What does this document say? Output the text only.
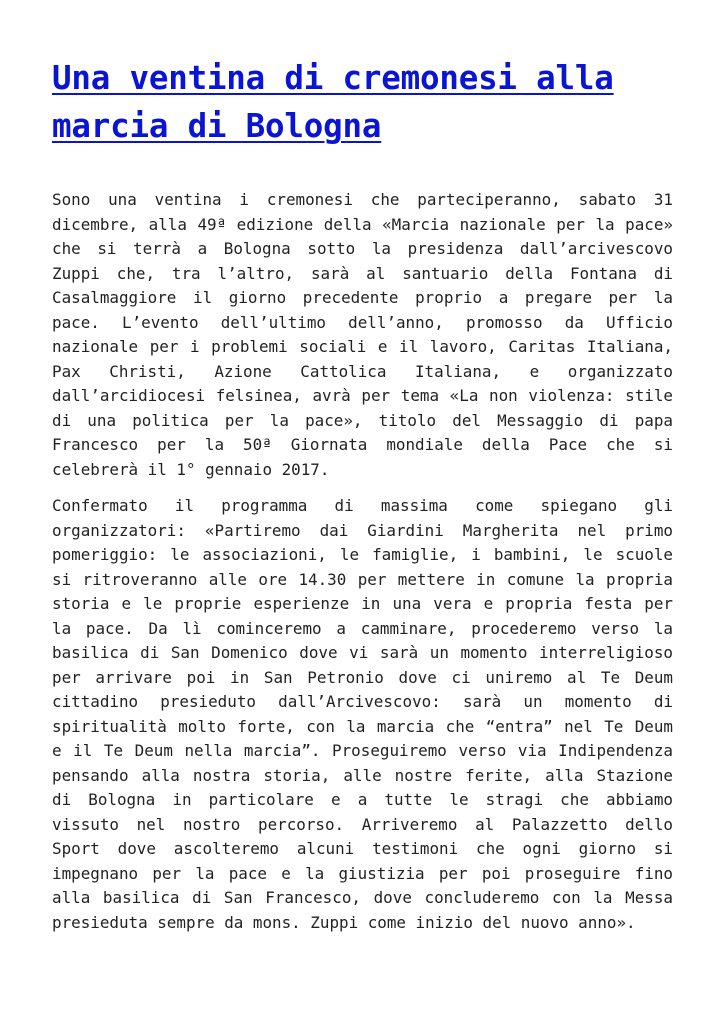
Una ventina di cremonesi alla marcia di Bologna

Sono una ventina i cremonesi che parteciperanno, sabato 31 dicembre, alla 49ª edizione della «Marcia nazionale per la pace» che si terrà a Bologna sotto la presidenza dall’arcivescovo Zuppi che, tra l’altro, sarà al santuario della Fontana di Casalmaggiore il giorno precedente proprio a pregare per la pace. L’evento dell’ultimo dell’anno, promosso da Ufficio nazionale per i problemi sociali e il lavoro, Caritas Italiana, Pax Christi, Azione Cattolica Italiana, e organizzato dall’arcidiocesi felsinea, avrà per tema «La non violenza: stile di una politica per la pace», titolo del Messaggio di papa Francesco per la 50ª Giornata mondiale della Pace che si celebrerà il 1° gennaio 2017.

Confermato il programma di massima come spiegano gli organizzatori: «Partiremo dai Giardini Margherita nel primo pomeriggio: le associazioni, le famiglie, i bambini, le scuole si ritroveranno alle ore 14.30 per mettere in comune la propria storia e le proprie esperienze in una vera e propria festa per la pace. Da lì cominceremo a camminare, procederemo verso la basilica di San Domenico dove vi sarà un momento interreligioso per arrivare poi in San Petronio dove ci uniremo al Te Deum cittadino presieduto dall’Arcivescovo: sarà un momento di spiritualità molto forte, con la marcia che “entra” nel Te Deum e il Te Deum nella marcia”. Proseguiremo verso via Indipendenza pensando alla nostra storia, alle nostre ferite, alla Stazione di Bologna in particolare e a tutte le stragi che abbiamo vissuto nel nostro percorso. Arriveremo al Palazzetto dello Sport dove ascolteremo alcuni testimoni che ogni giorno si impegnano per la pace e la giustizia per poi proseguire fino alla basilica di San Francesco, dove concluderemo con la Messa presieduta sempre da mons. Zuppi come inizio del nuovo anno».
